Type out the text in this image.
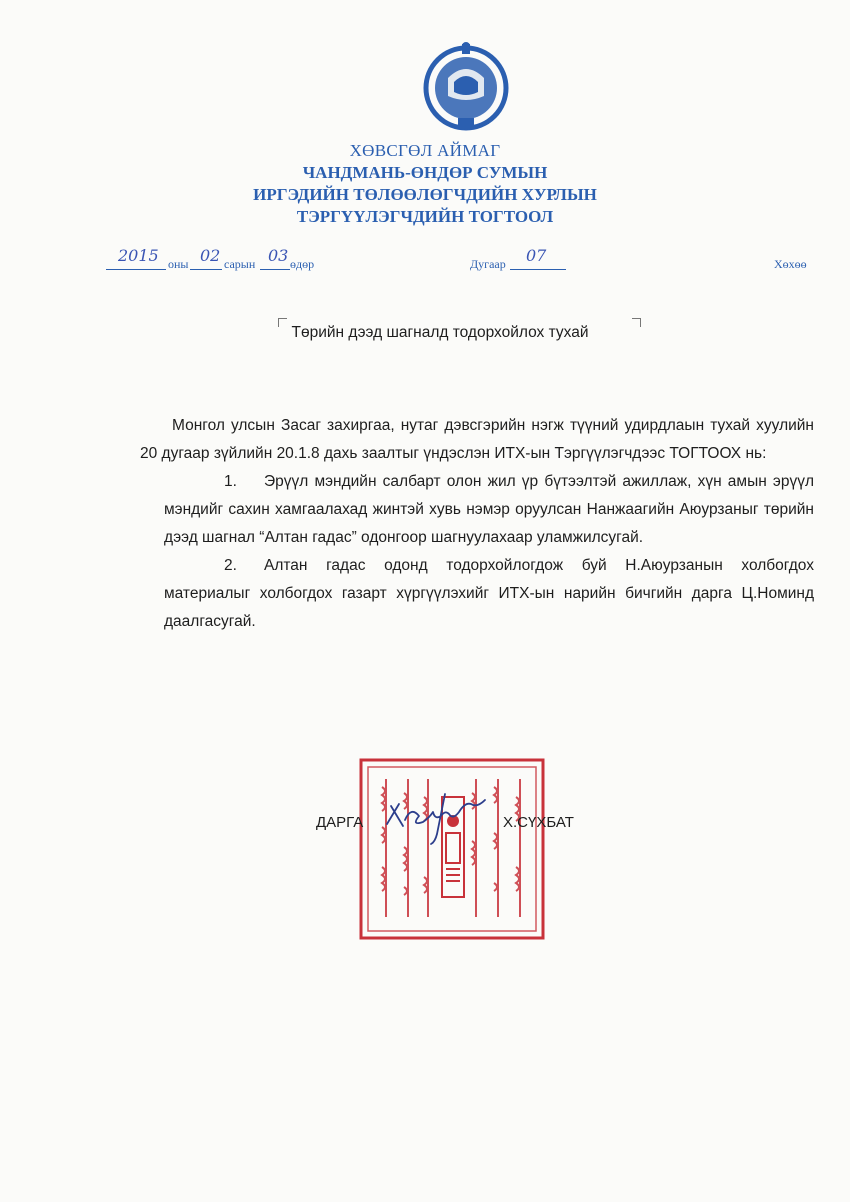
ХӨВСГӨЛ АЙМАГ
ЧАНДМАНЬ-ӨНДӨР СУМЫН
ИРГЭДИЙН ТӨЛӨӨЛӨГЧДИЙН ХУРЛЫН
ТЭРГҮҮЛЭГЧДИЙН ТОГТООЛ
2015 оны 02 сарын 03 өдөр	Дугаар 07	Хөхөө
Төрийн дээд шагналд тодорхойлох тухай

Монгол улсын Засаг захиргаа, нутаг дэвсгэрийн нэгж түүний удирдлаын тухай хуулийн 20 дугаар зүйлийн 20.1.8 дахь заалтыг үндэслэн ИТХ-ын Тэргүүлэгчдээс ТОГТООХ нь:

1. Эрүүл мэндийн салбарт олон жил үр бүтээлтэй ажиллаж, хүн амын эрүүл мэндийг сахин хамгаалахад жинтэй хувь нэмэр оруулсан Нанжаагийн Аюурзаныг төрийн дээд шагнал “Алтан гадас” одонгоор шагнуулахаар уламжилсугай.

2. Алтан гадас одонд тодорхойлогдож буй Н.Аюурзанын холбогдох материалыг холбогдох газарт хүргүүлэхийг ИТХ-ын нарийн бичгийн дарга Ц.Номинд даалгасугай.

ДАРГА	Х.СҮХБАТ
